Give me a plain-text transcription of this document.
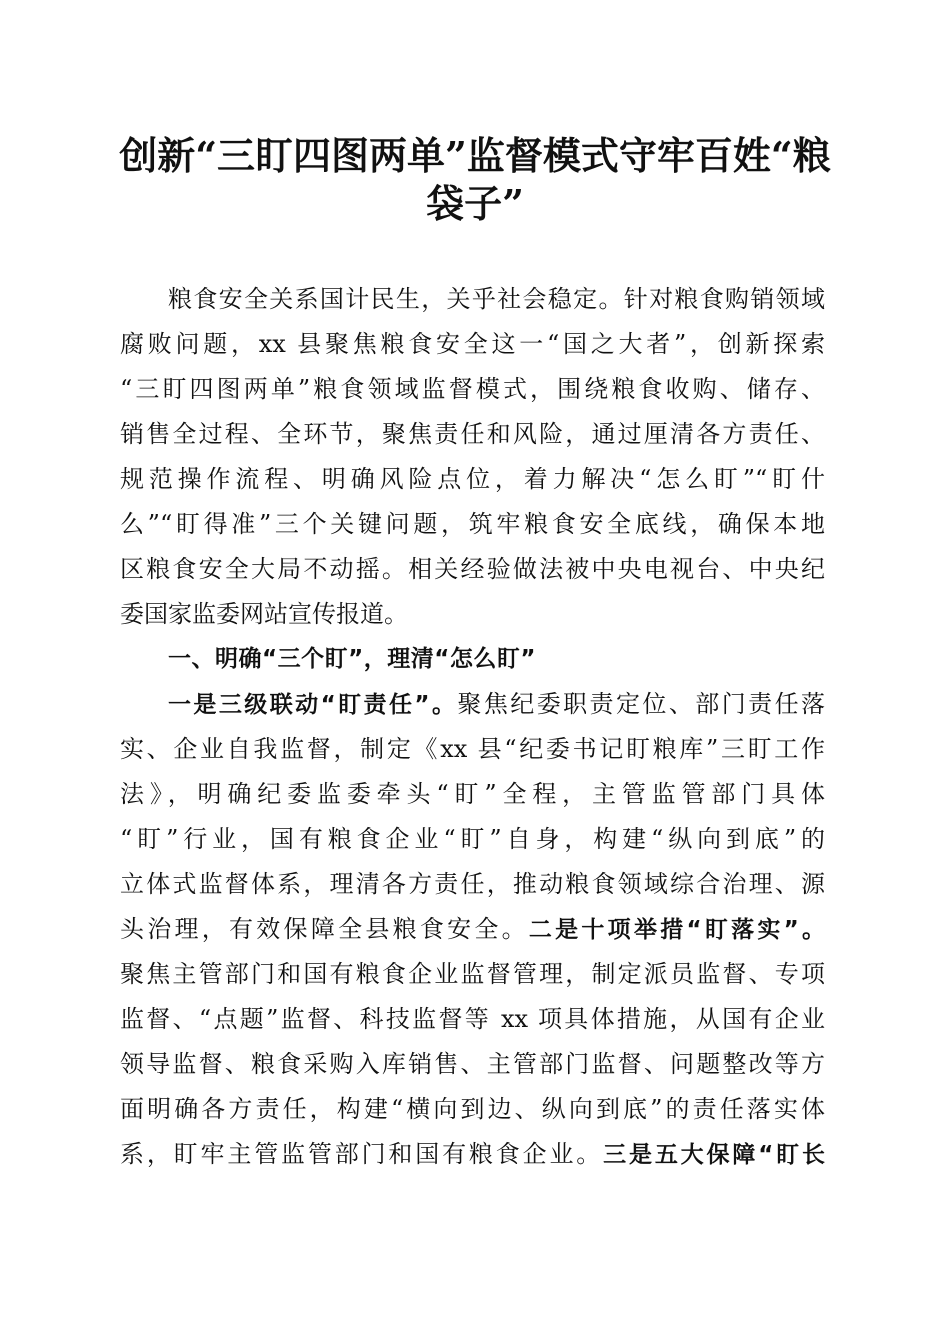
创新“三盯四图两单”监督模式守牢百姓“粮
袋子”
粮食安全关系国计民生，关乎社会稳定。针对粮食购销领域
腐败问题，xx 县聚焦粮食安全这一“国之大者”，创新探索
“三盯四图两单”粮食领域监督模式，围绕粮食收购、储存、
销售全过程、全环节，聚焦责任和风险，通过厘清各方责任、
规范操作流程、明确风险点位，着力解决“怎么盯”“盯什
么”“盯得准”三个关键问题，筑牢粮食安全底线，确保本地
区粮食安全大局不动摇。相关经验做法被中央电视台、中央纪
委国家监委网站宣传报道。
一、明确“三个盯”，理清“怎么盯”
一是三级联动“盯责任”。聚焦纪委职责定位、部门责任落
实、企业自我监督，制定《xx 县“纪委书记盯粮库”三盯工作
法》，明确纪委监委牵头“盯”全程，主管监管部门具体
“盯”行业，国有粮食企业“盯”自身，构建“纵向到底”的
立体式监督体系，理清各方责任，推动粮食领域综合治理、源
头治理，有效保障全县粮食安全。二是十项举措“盯落实”。
聚焦主管部门和国有粮食企业监督管理，制定派员监督、专项
监督、“点题”监督、科技监督等 xx 项具体措施，从国有企业
领导监督、粮食采购入库销售、主管部门监督、问题整改等方
面明确各方责任，构建“横向到边、纵向到底”的责任落实体
系，盯牢主管监管部门和国有粮食企业。三是五大保障“盯长
